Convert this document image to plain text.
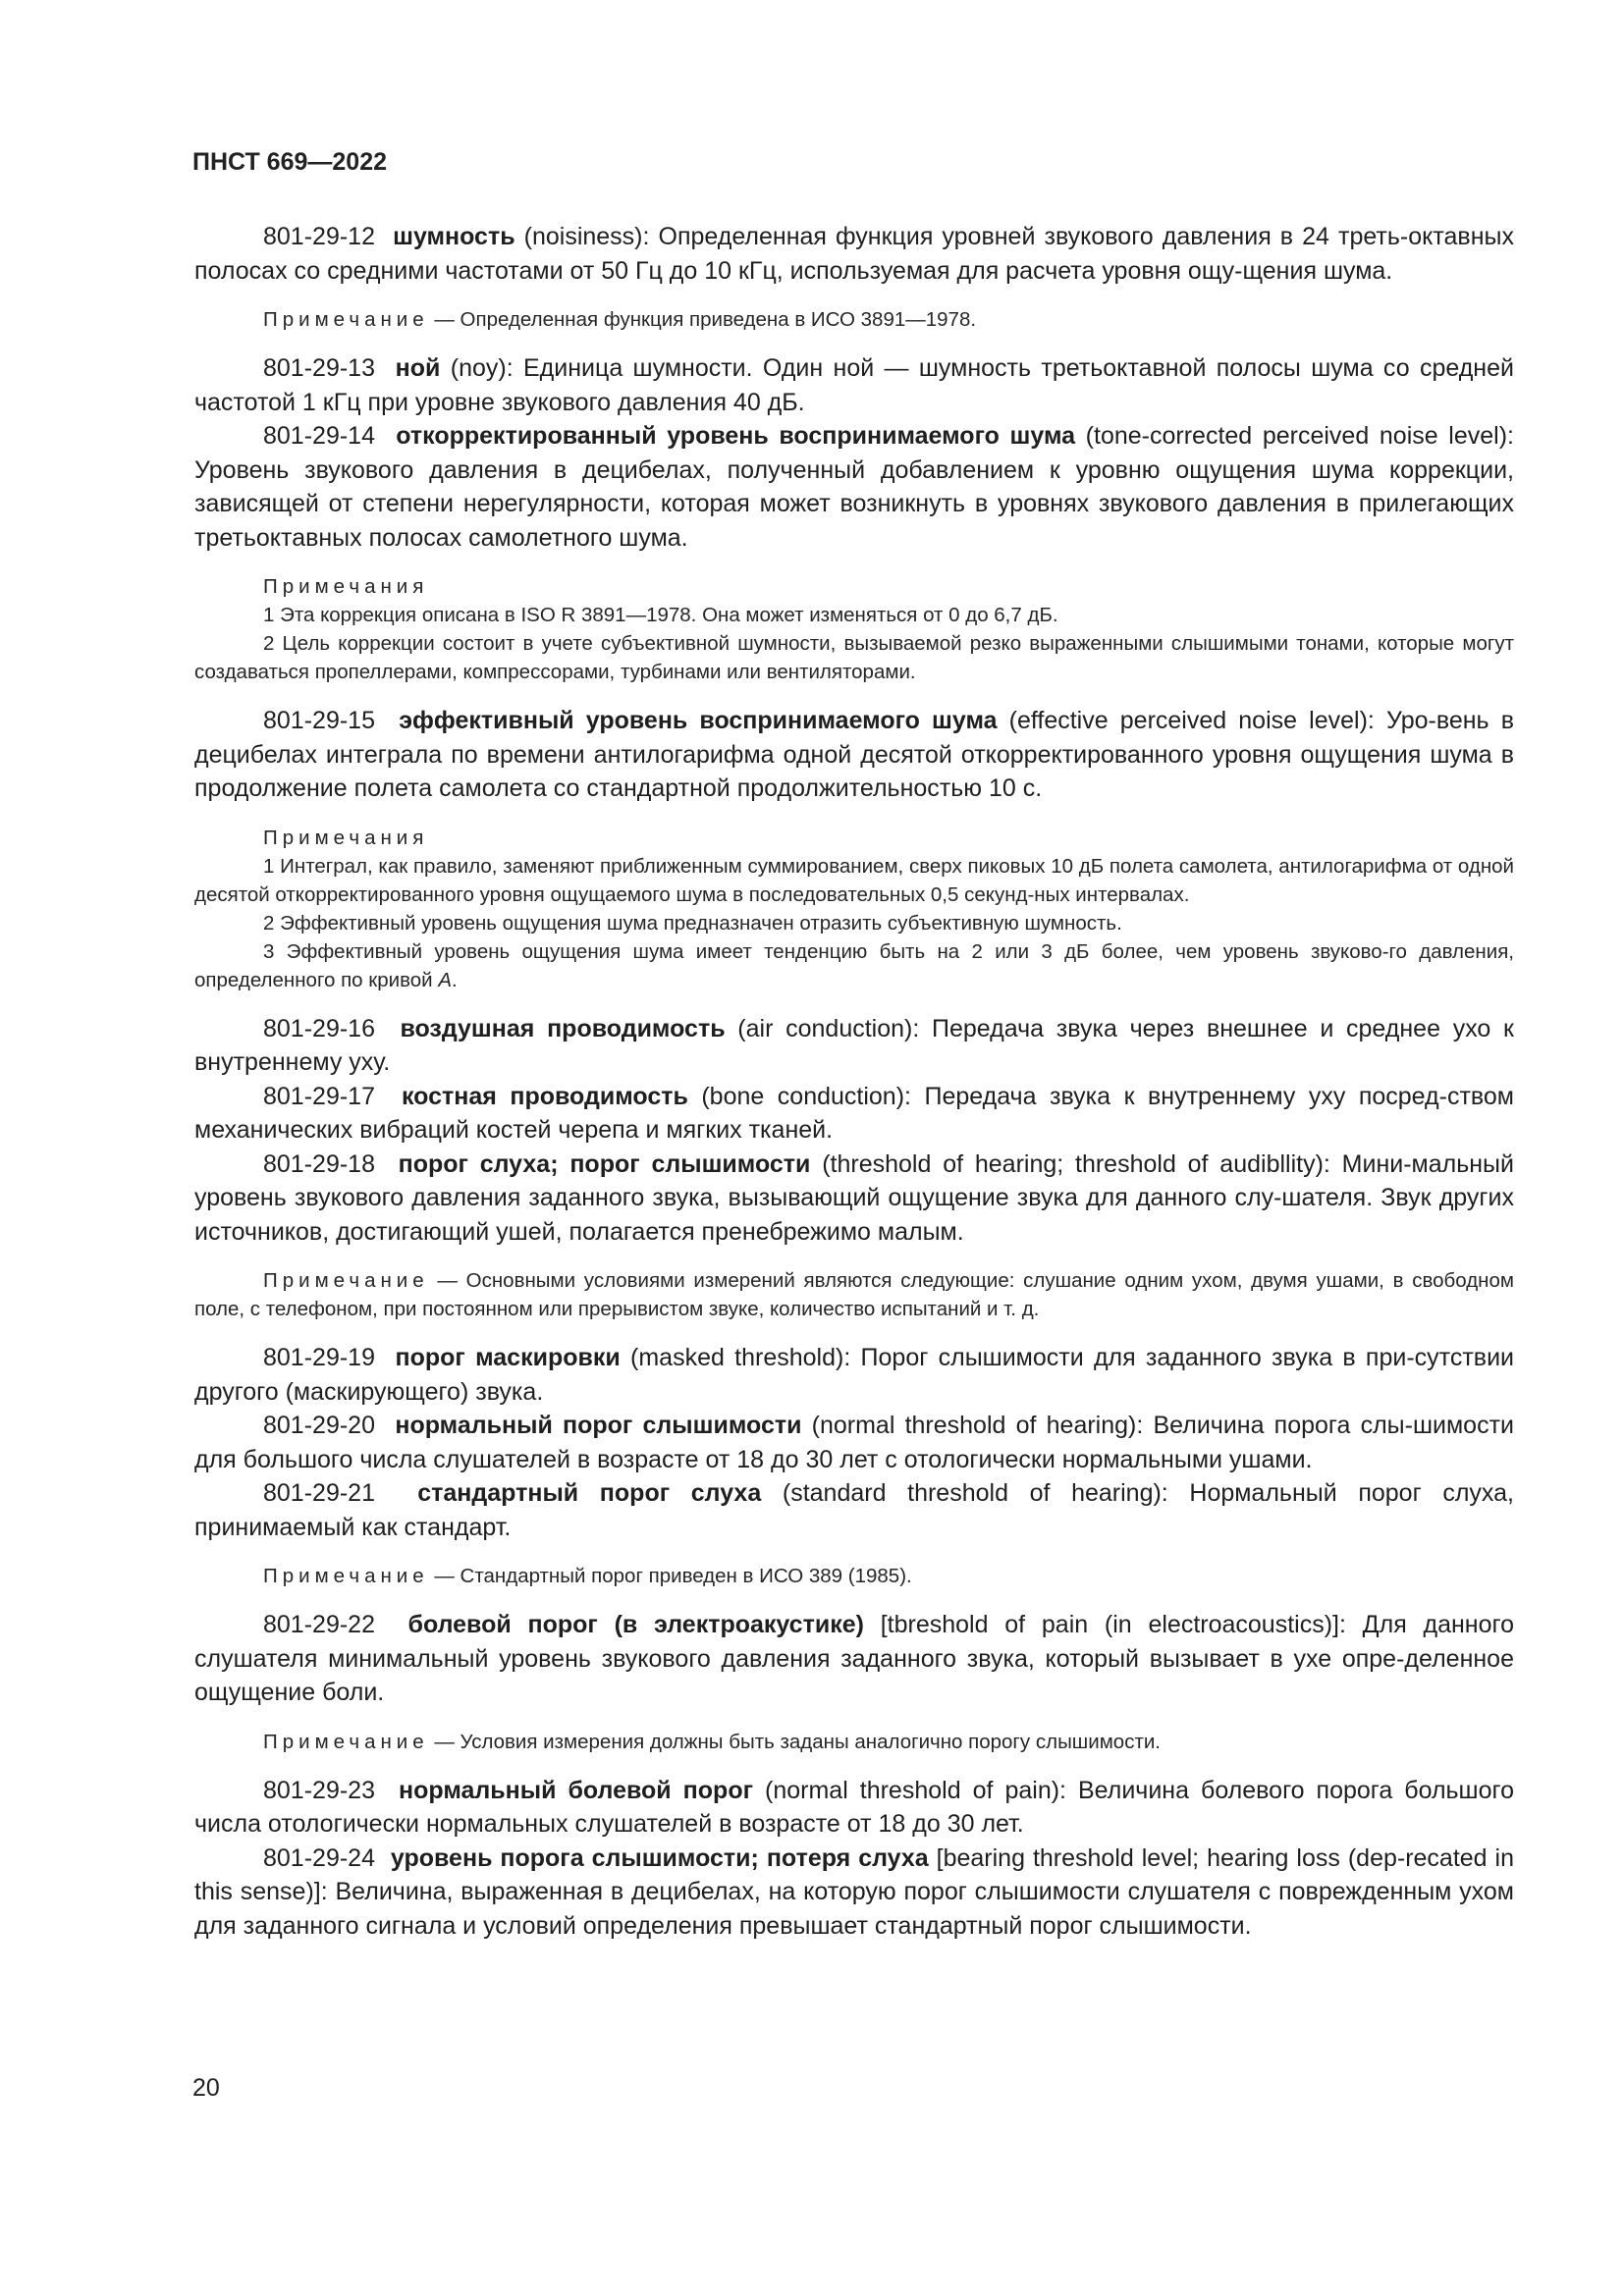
ПНСТ 669—2022

801-29-12 шумность (noisiness): Определенная функция уровней звукового давления в 24 треть-октавных полосах со средними частотами от 50 Гц до 10 кГц, используемая для расчета уровня ощу-щения шума.

Примечание — Определенная функция приведена в ИСО 3891—1978.

801-29-13 ной (noy): Единица шумности. Один ной — шумность третьоктавной полосы шума со средней частотой 1 кГц при уровне звукового давления 40 дБ.

801-29-14 откорректированный уровень воспринимаемого шума (tone-corrected perceived noise level): Уровень звукового давления в децибелах, полученный добавлением к уровню ощущения шума коррекции, зависящей от степени нерегулярности, которая может возникнуть в уровнях звукового давления в прилегающих третьоктавных полосах самолетного шума.

Примечания

1 Эта коррекция описана в ISO R 3891—1978. Она может изменяться от 0 до 6,7 дБ.

2 Цель коррекции состоит в учете субъективной шумности, вызываемой резко выраженными слышимыми тонами, которые могут создаваться пропеллерами, компрессорами, турбинами или вентиляторами.

801-29-15 эффективный уровень воспринимаемого шума (effective perceived noise level): Уро-вень в децибелах интеграла по времени антилогарифма одной десятой откорректированного уровня ощущения шума в продолжение полета самолета со стандартной продолжительностью 10 с.

Примечания

1 Интеграл, как правило, заменяют приближенным суммированием, сверх пиковых 10 дБ полета самолета, антилогарифма от одной десятой откорректированного уровня ощущаемого шума в последовательных 0,5 секунд-ных интервалах.

2 Эффективный уровень ощущения шума предназначен отразить субъективную шумность.

3 Эффективный уровень ощущения шума имеет тенденцию быть на 2 или 3 дБ более, чем уровень звуково-го давления, определенного по кривой А.

801-29-16 воздушная проводимость (air conduction): Передача звука через внешнее и среднее ухо к внутреннему уху.

801-29-17 костная проводимость (bone conduction): Передача звука к внутреннему уху посред-ством механических вибраций костей черепа и мягких тканей.

801-29-18 порог слуха; порог слышимости (threshold of hearing; threshold of audibllity): Мини-мальный уровень звукового давления заданного звука, вызывающий ощущение звука для данного слу-шателя. Звук других источников, достигающий ушей, полагается пренебрежимо малым.

Примечание — Основными условиями измерений являются следующие: слушание одним ухом, двумя ушами, в свободном поле, с телефоном, при постоянном или прерывистом звуке, количество испытаний и т. д.

801-29-19 порог маскировки (masked threshold): Порог слышимости для заданного звука в при-сутствии другого (маскирующего) звука.

801-29-20 нормальный порог слышимости (normal threshold of hearing): Величина порога слы-шимости для большого числа слушателей в возрасте от 18 до 30 лет с отологически нормальными ушами.

801-29-21 стандартный порог слуха (standard threshold of hearing): Нормальный порог слуха, принимаемый как стандарт.

Примечание — Стандартный порог приведен в ИСО 389 (1985).

801-29-22 болевой порог (в электроакустике) [tbreshold of pain (in electroacoustics)]: Для данного слушателя минимальный уровень звукового давления заданного звука, который вызывает в ухе опре-деленное ощущение боли.

Примечание — Условия измерения должны быть заданы аналогично порогу слышимости.

801-29-23 нормальный болевой порог (normal threshold of pain): Величина болевого порога большого числа отологически нормальных слушателей в возрасте от 18 до 30 лет.

801-29-24 уровень порога слышимости; потеря слуха [bearing threshold level; hearing loss (dep-recated in this sense)]: Величина, выраженная в децибелах, на которую порог слышимости слушателя с поврежденным ухом для заданного сигнала и условий определения превышает стандартный порог слышимости.

20
